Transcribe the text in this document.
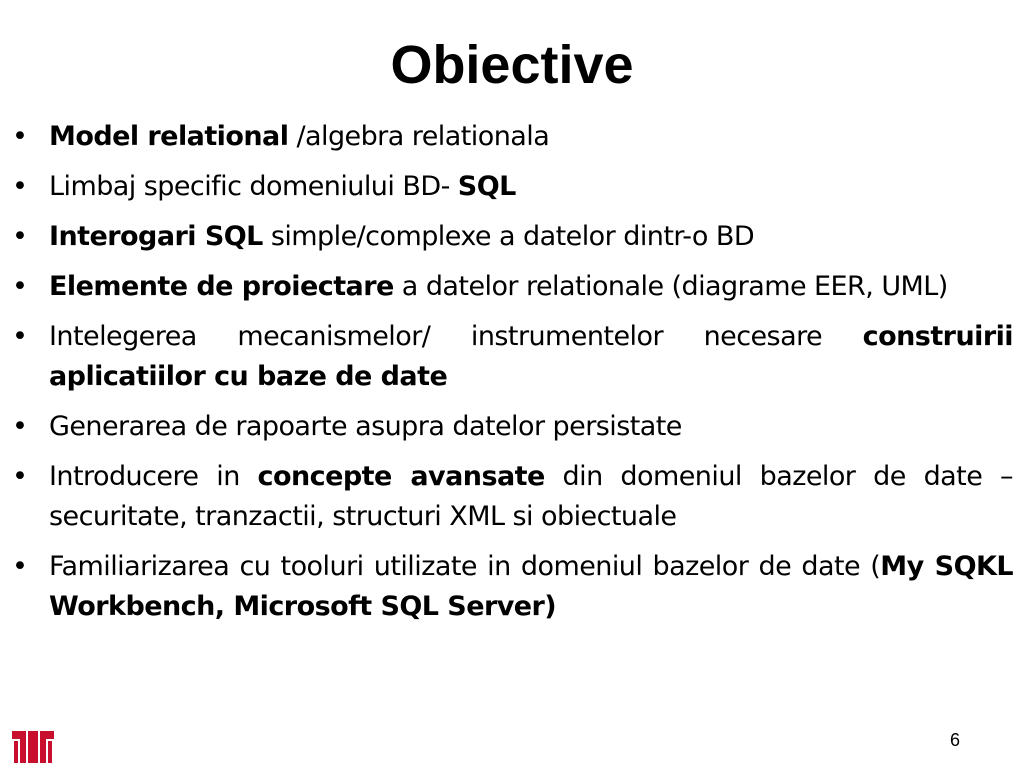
Obiective
• Model relational /algebra relationala
• Limbaj specific domeniului BD- SQL
• Interogari SQL simple/complexe a datelor dintr-o BD
• Elemente de proiectare a datelor relationale (diagrame EER, UML)
• Intelegerea mecanismelor/ instrumentelor necesare construirii aplicatiilor cu baze de date
• Generarea de rapoarte asupra datelor persistate
• Introducere in concepte avansate din domeniul bazelor de date – securitate, tranzactii, structuri XML si obiectuale
• Familiarizarea cu tooluri utilizate in domeniul bazelor de date (My SQKL Workbench, Microsoft SQL Server)
6
